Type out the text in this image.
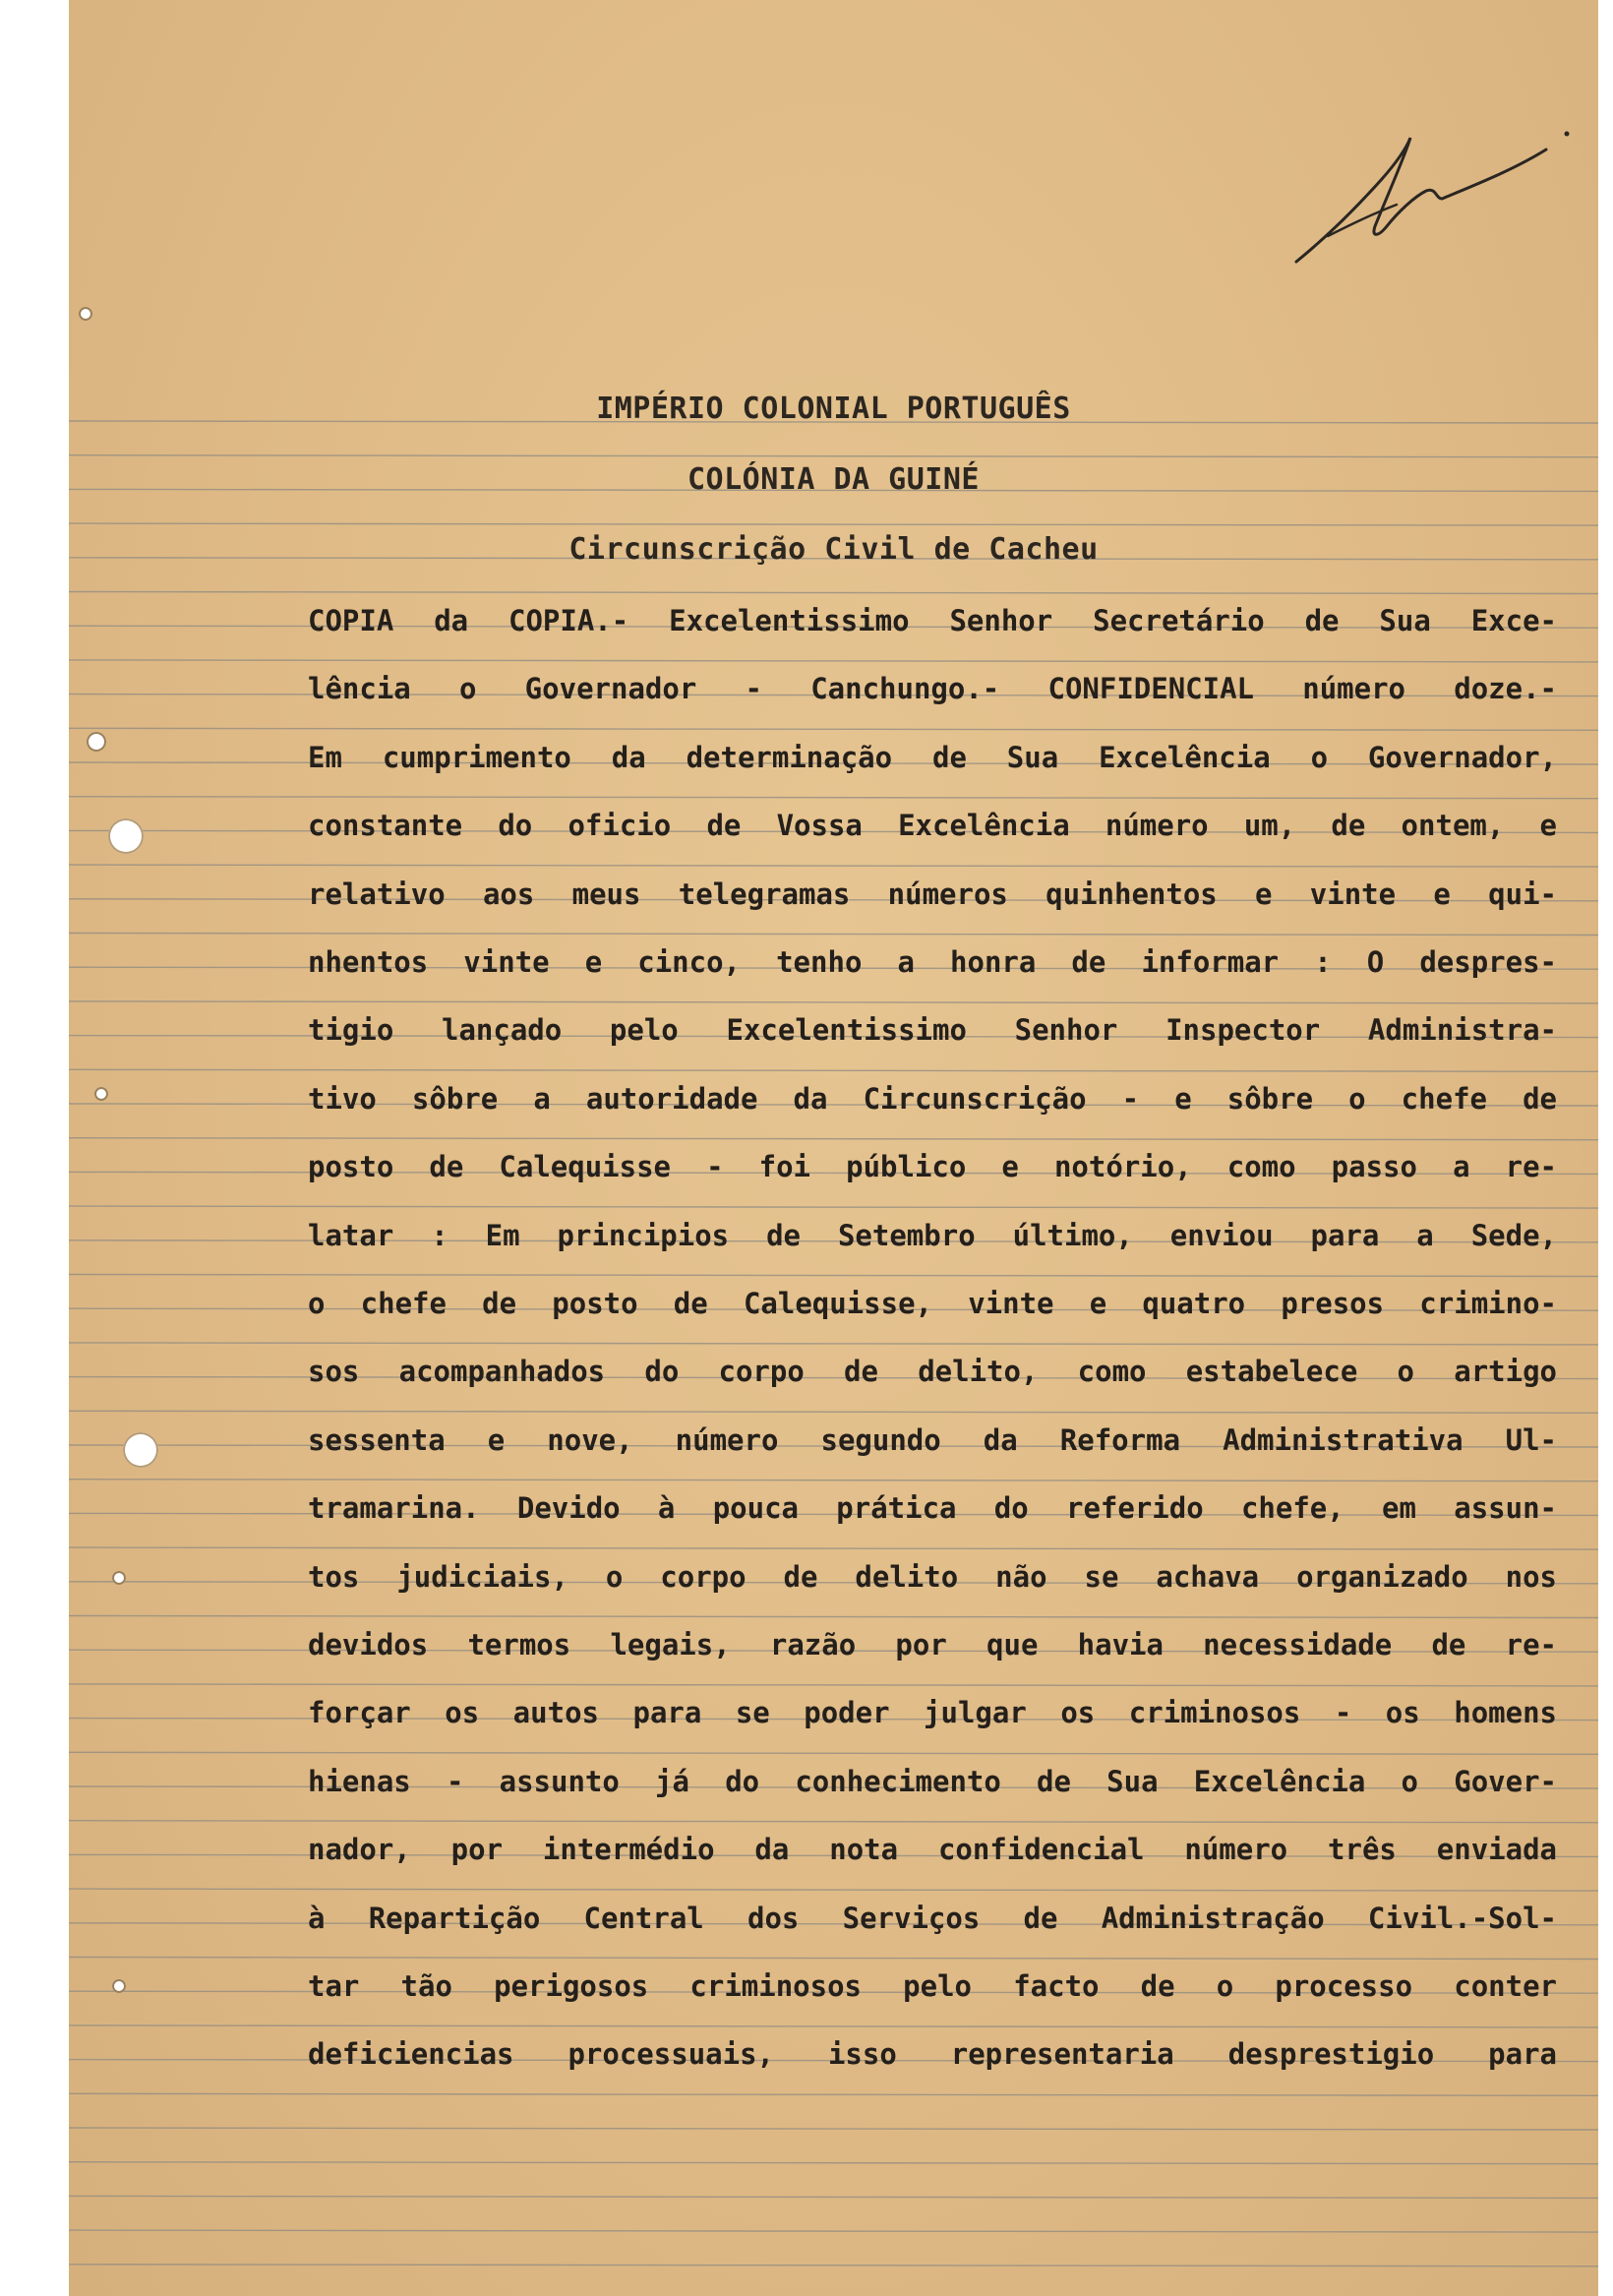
IMPÉRIO COLONIAL PORTUGUÊS
COLÓNIA DA GUINÉ
Circunscrição Civil de Cacheu
COPIA da COPIA.- Excelentissimo Senhor Secretário de Sua Exce-
lência o Governador - Canchungo.- CONFIDENCIAL número doze.-
Em cumprimento da determinação de Sua Excelência o Governador,
constante do oficio de Vossa Excelência número um, de ontem, e
relativo aos meus telegramas números quinhentos e vinte e qui-
nhentos vinte e cinco, tenho a honra de informar : O despres-
tigio lançado pelo Excelentissimo Senhor Inspector Administra-
tivo sôbre a autoridade da Circunscrição - e sôbre o chefe de
posto de Calequisse - foi público e notório, como passo a re-
latar : Em principios de Setembro último, enviou para a Sede,
o chefe de posto de Calequisse, vinte e quatro presos crimino-
sos acompanhados do corpo de delito, como estabelece o artigo
sessenta e nove, número segundo da Reforma Administrativa Ul-
tramarina. Devido à pouca prática do referido chefe, em assun-
tos judiciais, o corpo de delito não se achava organizado nos
devidos termos legais, razão por que havia necessidade de re-
forçar os autos para se poder julgar os criminosos - os homens
hienas - assunto já do conhecimento de Sua Excelência o Gover-
nador, por intermédio da nota confidencial número três enviada
à Repartição Central dos Serviços de Administração Civil.-Sol-
tar tão perigosos criminosos pelo facto de o processo conter
deficiencias processuais, isso representaria desprestigio para
